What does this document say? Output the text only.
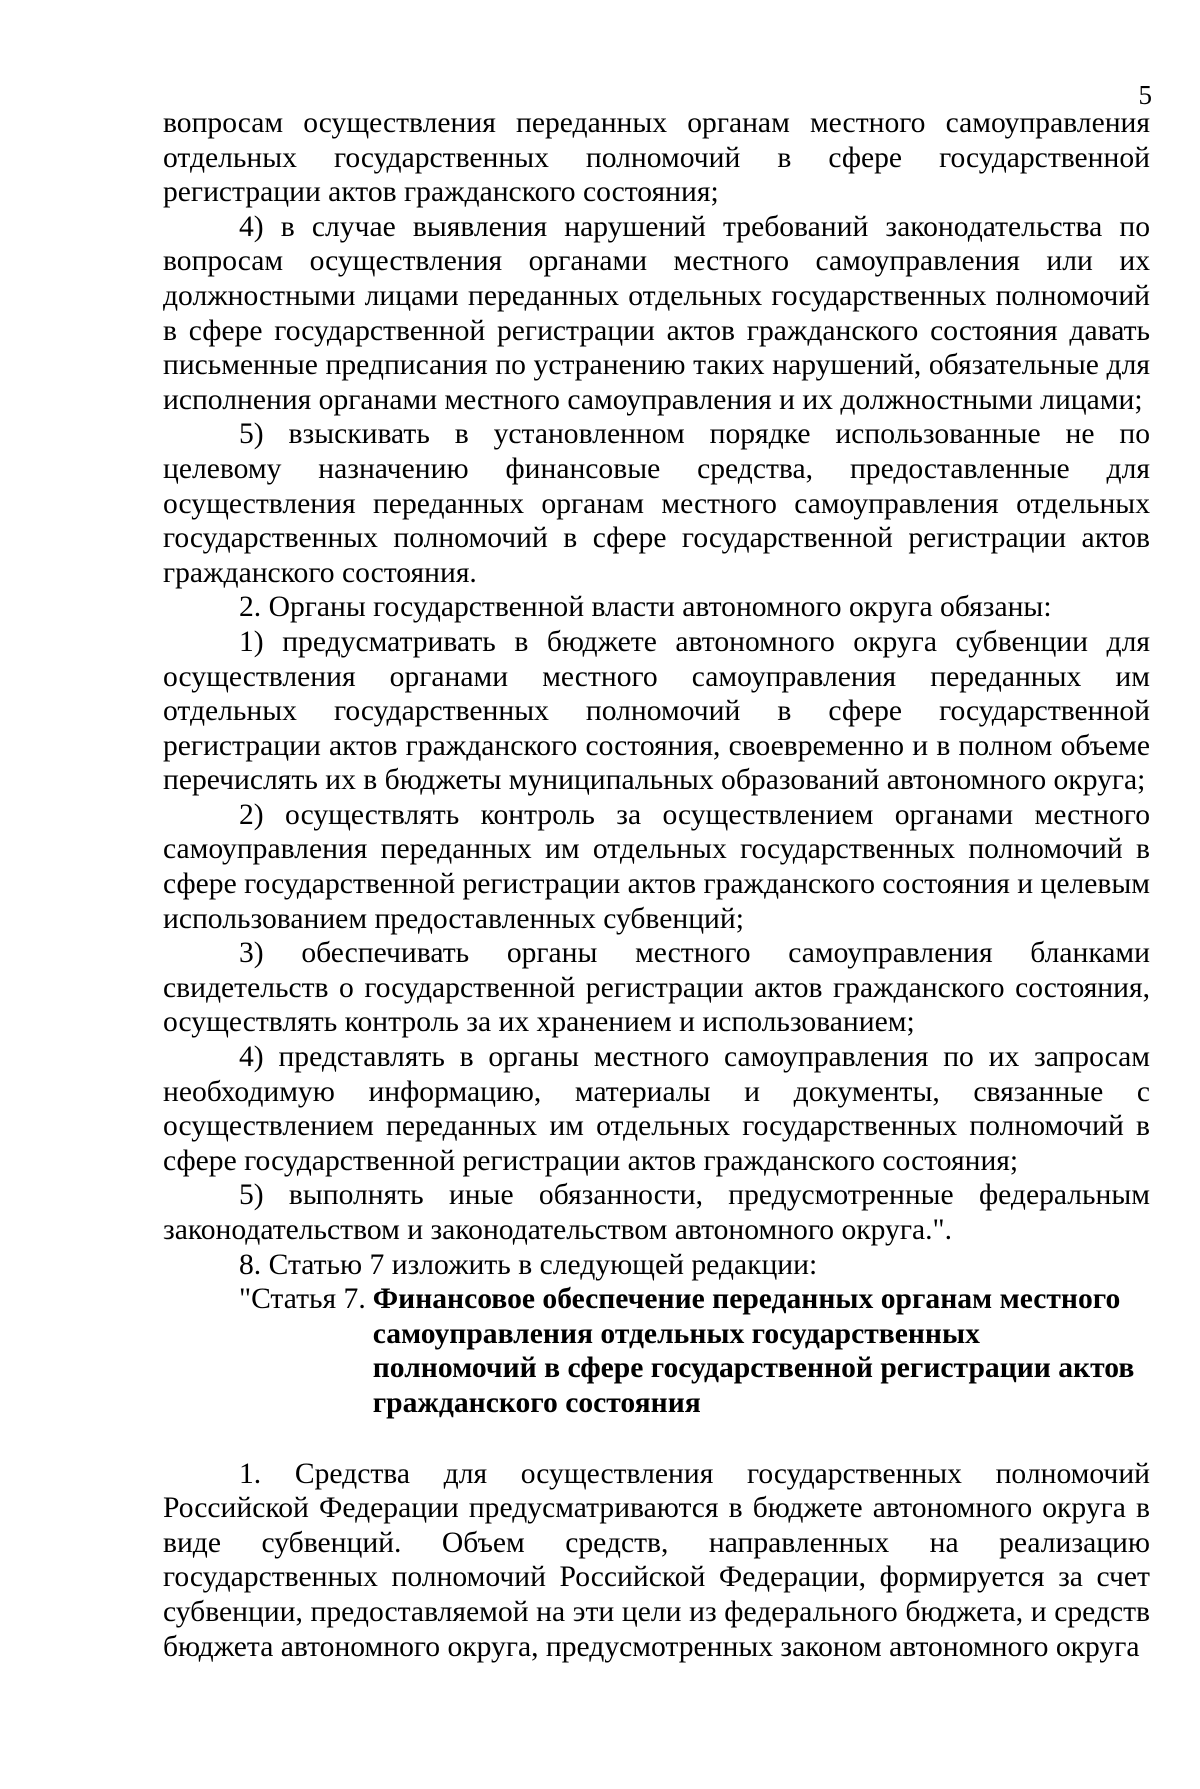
5

вопросам осуществления переданных органам местного самоуправления отдельных государственных полномочий в сфере государственной регистрации актов гражданского состояния;

4) в случае выявления нарушений требований законодательства по вопросам осуществления органами местного самоуправления или их должностными лицами переданных отдельных государственных полномочий в сфере государственной регистрации актов гражданского состояния давать письменные предписания по устранению таких нарушений, обязательные для исполнения органами местного самоуправления и их должностными лицами;

5) взыскивать в установленном порядке использованные не по целевому назначению финансовые средства, предоставленные для осуществления переданных органам местного самоуправления отдельных государственных полномочий в сфере государственной регистрации актов гражданского состояния.

2. Органы государственной власти автономного округа обязаны:

1) предусматривать в бюджете автономного округа субвенции для осуществления органами местного самоуправления переданных им отдельных государственных полномочий в сфере государственной регистрации актов гражданского состояния, своевременно и в полном объеме перечислять их в бюджеты муниципальных образований автономного округа;

2) осуществлять контроль за осуществлением органами местного самоуправления переданных им отдельных государственных полномочий в сфере государственной регистрации актов гражданского состояния и целевым использованием предоставленных субвенций;

3) обеспечивать органы местного самоуправления бланками свидетельств о государственной регистрации актов гражданского состояния, осуществлять контроль за их хранением и использованием;

4) представлять в органы местного самоуправления по их запросам необходимую информацию, материалы и документы, связанные с осуществлением переданных им отдельных государственных полномочий в сфере государственной регистрации актов гражданского состояния;

5) выполнять иные обязанности, предусмотренные федеральным законодательством и законодательством автономного округа.".

8. Статью 7 изложить в следующей редакции:

"Статья 7. Финансовое обеспечение переданных органам местного самоуправления отдельных государственных полномочий в сфере государственной регистрации актов гражданского состояния

1. Средства для осуществления государственных полномочий Российской Федерации предусматриваются в бюджете автономного округа в виде субвенций. Объем средств, направленных на реализацию государственных полномочий Российской Федерации, формируется за счет субвенции, предоставляемой на эти цели из федерального бюджета, и средств бюджета автономного округа, предусмотренных законом автономного округа
